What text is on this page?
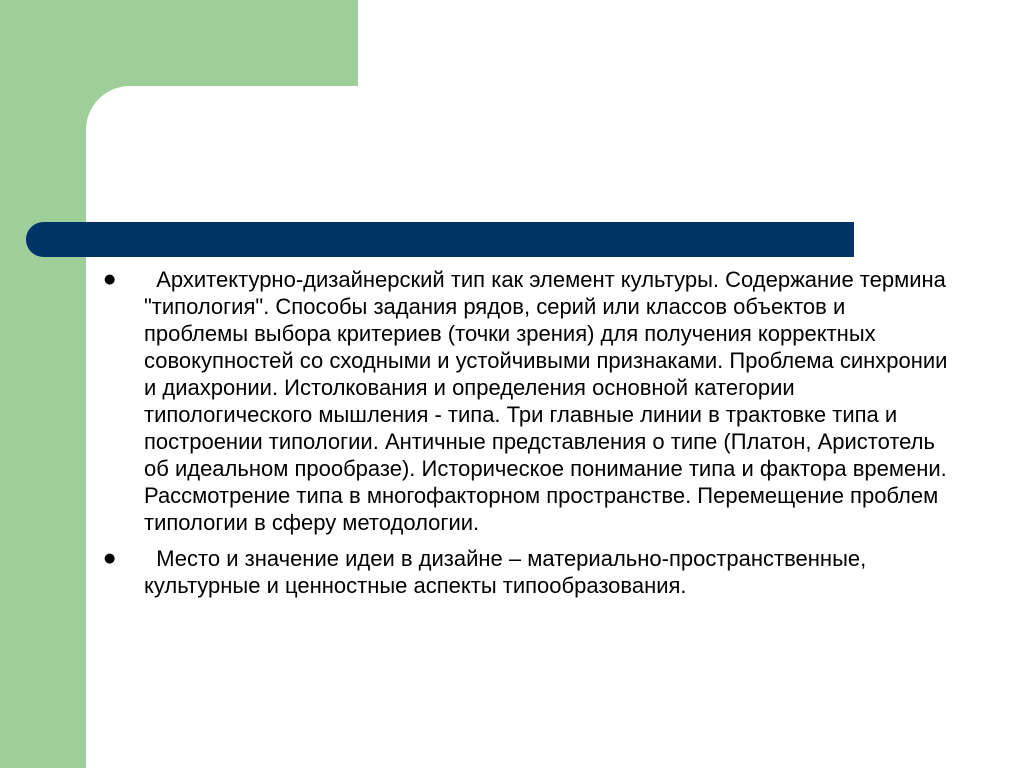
●	Архитектурно-дизайнерский тип как элемент культуры. Содержание термина "типология". Способы задания рядов, серий или классов объектов и проблемы выбора критериев (точки зрения) для получения корректных совокупностей со сходными и устойчивыми признаками. Проблема синхронии и диахронии. Истолкования и определения основной категории типологического мышления - типа. Три главные линии в трактовке типа и построении типологии. Античные представления о типе (Платон, Аристотель об идеальном прообразе). Историческое понимание типа и фактора времени. Рассмотрение типа в многофакторном пространстве. Перемещение проблем типологии в сферу методологии.
●	Место и значение идеи в дизайне – материально-пространственные, культурные и ценностные аспекты типообразования.
